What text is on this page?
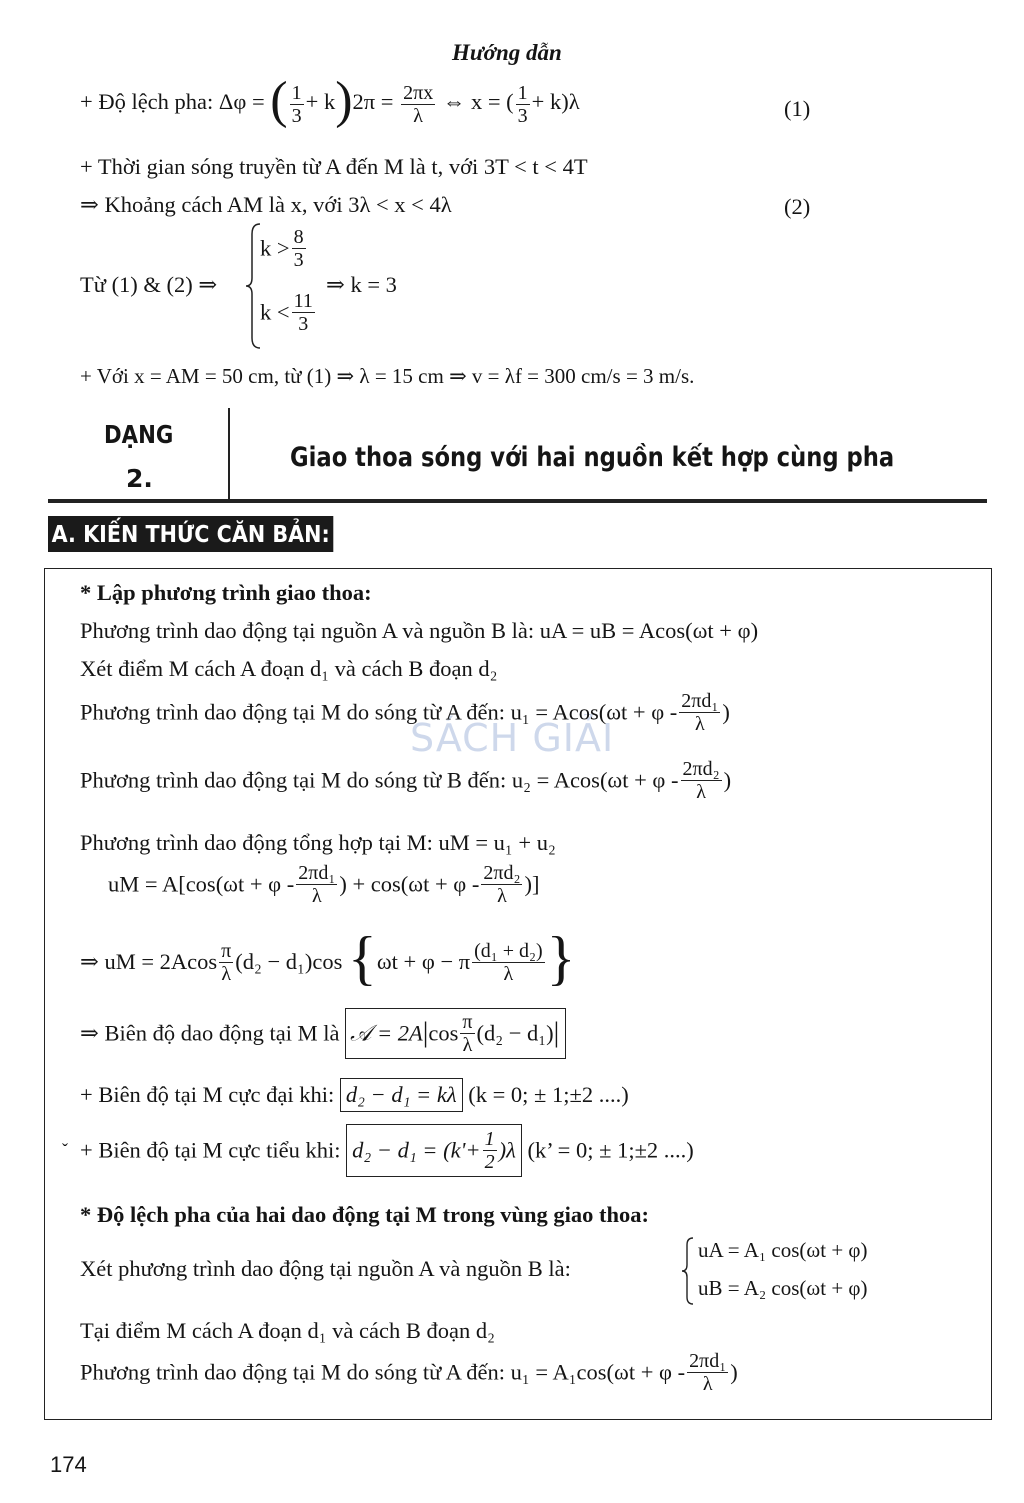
Hướng dẫn
+ Độ lệch pha: Δφ = ( $\frac{1}{3} + k)2\pi = \frac{2\pi x}{\lambda}$ ⇔ x = ( $\frac{1}{3} + k)\lambda$	(1)
+ Thời gian sóng truyền từ A đến M là t, với 3T < t < 4T
⇒ Khoảng cách AM là x, với 3λ < x < 4λ	(2)
Từ (1) & (2) ⇒
$k > \frac{8}{3}$
$k < \frac{11}{3}$
⇒ k = 3
+ Với x = AM = 50 cm, từ (1) ⇒ λ = 15 cm ⇒ v = λf = 300 cm/s = 3 m/s.
DẠNG
2.
Giao thoa sóng với hai nguồn kết hợp cùng pha
A. KIẾN THỨC CĂN BẢN:
SÁCH GIẢI
* Lập phương trình giao thoa:
Phương trình dao động tại nguồn A và nguồn B là: uA = uB = Acos(ωt + φ)
Xét điểm M cách A đoạn d₁ và cách B đoạn d₂
Phương trình dao động tại M do sóng từ A đến: $u_1 = Acos(\omega t + \varphi - \frac{\text{2πd₁}}{\lambda}$ )
Phương trình dao động tại M do sóng từ B đến: $u_2 = Acos(\omega t + \varphi - \frac{\text{2πd₂}}{\lambda}$ )
Phương trình dao động tổng hợp tại M: uM = u₁ + u₂
uM = $A[\cos(\omega t + \varphi - \frac{\text{2πd₁}}{\lambda}$ ) + $\cos(\omega t + \varphi - \frac{\text{2πd₂}}{\lambda}$ )]
⇒ uM = $2Acos \frac{\pi}{\lambda} (d_2 - d_1)\cos$ {ωt + φ − π $\frac{\text{(d₁ + d₂)}}{\lambda}$ }
⇒ Biên độ dao động tại M là 𝒜 = $2A|\cos \frac{\pi}{\lambda} (d_2 - d_1)|$
+ Biên độ tại M cực đại khi: d₂ − d₁ = kλ (k = 0; ± 1;±2 ....)
ˇ + Biên độ tại M cực tiểu khi: $d_2 - d_1 = (k'+ \frac{1}{2} )\lambda$ (k’ = 0; ± 1;±2 ....)
* Độ lệch pha của hai dao động tại M trong vùng giao thoa:
Xét phương trình dao động tại nguồn A và nguồn B là:
uA = A₁ cos(ωt + φ)
uB = A₂ cos(ωt + φ)
Tại điểm M cách A đoạn d₁ và cách B đoạn d₂
Phương trình dao động tại M do sóng từ A đến: $u_1 = A_1\cos(\omega t + \varphi - \frac{\text{2πd₁}}{\lambda}$ )
174
